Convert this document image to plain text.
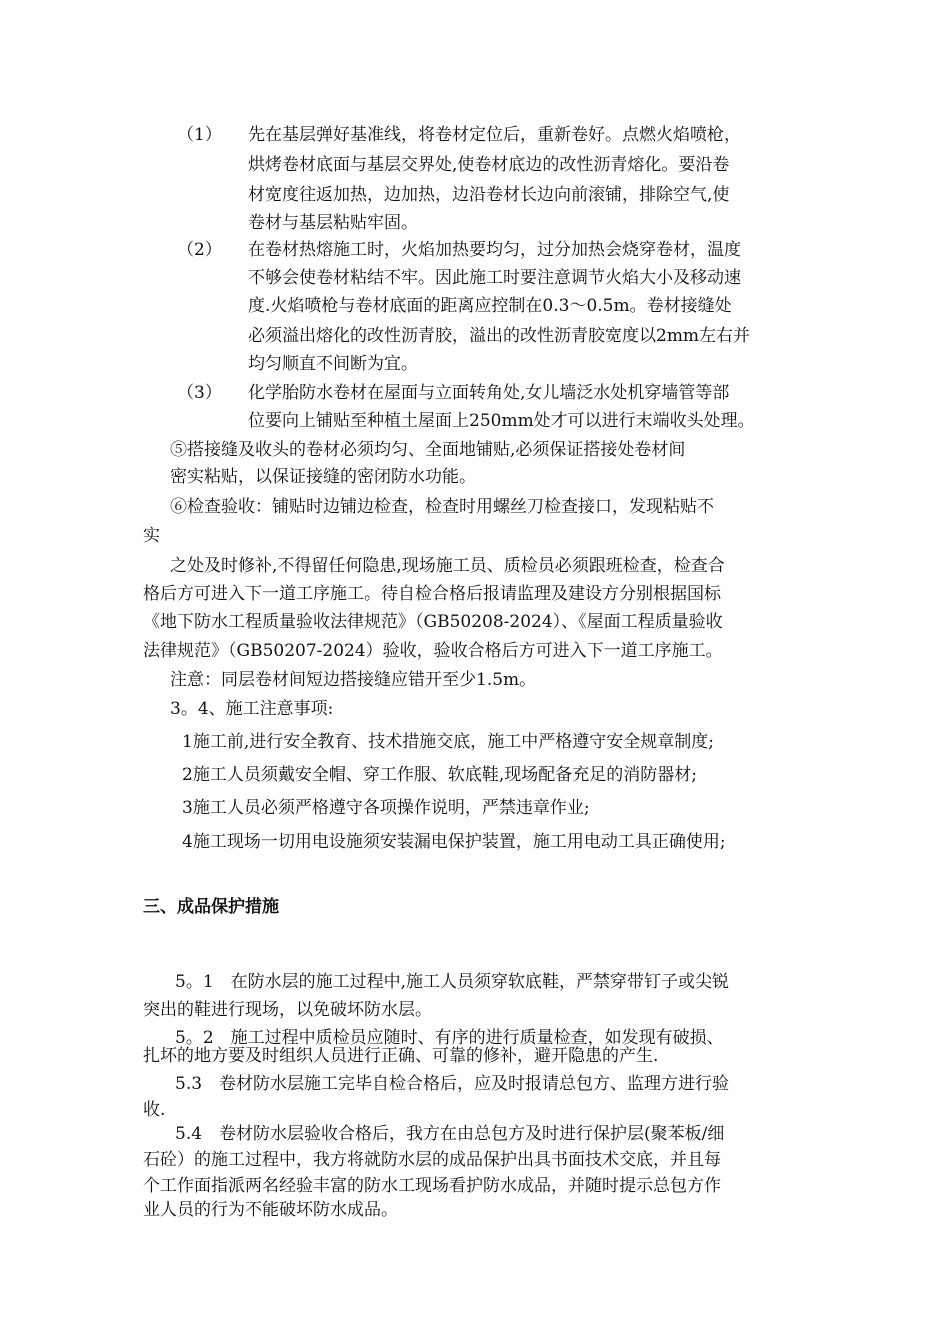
（1） 先在基层弹好基准线，将卷材定位后，重新卷好。点燃火焰喷枪，
烘烤卷材底面与基层交界处,使卷材底边的改性沥青熔化。要沿卷
材宽度往返加热，边加热，边沿卷材长边向前滚铺，排除空气,使
卷材与基层粘贴牢固。
（2） 在卷材热熔施工时，火焰加热要均匀，过分加热会烧穿卷材，温度
不够会使卷材粘结不牢。因此施工时要注意调节火焰大小及移动速
度.火焰喷枪与卷材底面的距离应控制在0.3～0.5m。卷材接缝处
必须溢出熔化的改性沥青胶，溢出的改性沥青胶宽度以2mm左右并
均匀顺直不间断为宜。
（3） 化学胎防水卷材在屋面与立面转角处,女儿墙泛水处机穿墙管等部
位要向上铺贴至种植土屋面上250mm处才可以进行末端收头处理。
⑤搭接缝及收头的卷材必须均匀、全面地铺贴,必须保证搭接处卷材间
密实粘贴，以保证接缝的密闭防水功能。
⑥检查验收：铺贴时边铺边检查，检查时用螺丝刀检查接口，发现粘贴不
实
之处及时修补,不得留任何隐患,现场施工员、质检员必须跟班检查，检查合
格后方可进入下一道工序施工。待自检合格后报请监理及建设方分别根据国标
《地下防水工程质量验收法律规范》（GB50208-2024）、《屋面工程质量验收
法律规范》（GB50207-2024）验收，验收合格后方可进入下一道工序施工。
注意：同层卷材间短边搭接缝应错开至少1.5m。
3。4、施工注意事项:
1施工前,进行安全教育、技术措施交底，施工中严格遵守安全规章制度;
2施工人员须戴安全帽、穿工作服、软底鞋,现场配备充足的消防器材;
3施工人员必须严格遵守各项操作说明，严禁违章作业;
4施工现场一切用电设施须安装漏电保护装置，施工用电动工具正确使用;
三、成品保护措施
5。1　在防水层的施工过程中,施工人员须穿软底鞋，严禁穿带钉子或尖锐
突出的鞋进行现场，以免破坏防水层。
5。2　施工过程中质检员应随时、有序的进行质量检查，如发现有破损、
扎坏的地方要及时组织人员进行正确、可靠的修补，避开隐患的产生.
5.3　卷材防水层施工完毕自检合格后，应及时报请总包方、监理方进行验
收.
5.4　卷材防水层验收合格后，我方在由总包方及时进行保护层(聚苯板/细
石砼）的施工过程中，我方将就防水层的成品保护出具书面技术交底，并且每
个工作面指派两名经验丰富的防水工现场看护防水成品，并随时提示总包方作
业人员的行为不能破坏防水成品。
